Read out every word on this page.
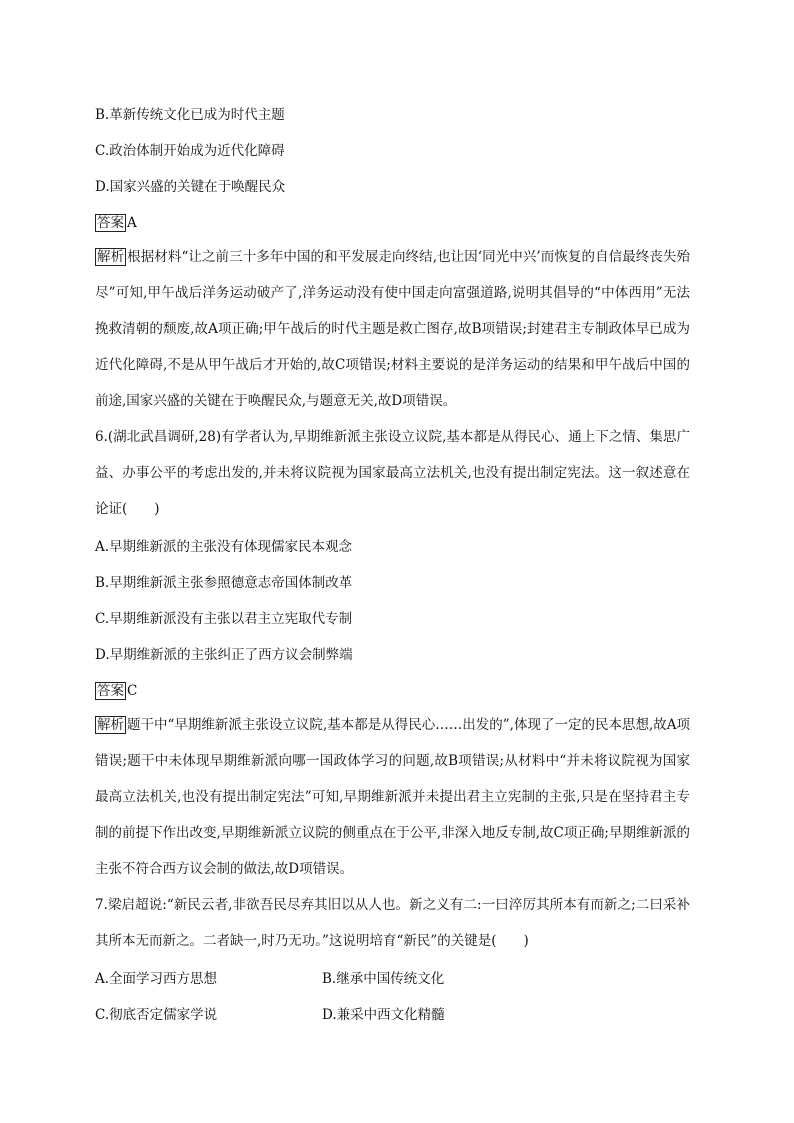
B.革新传统文化已成为时代主题
C.政治体制开始成为近代化障碍
D.国家兴盛的关键在于唤醒民众
答案 A
解析 根据材料“让之前三十多年中国的和平发展走向终结,也让因‘同光中兴’而恢复的自信最终丧失殆尽”可知,甲午战后洋务运动破产了,洋务运动没有使中国走向富强道路,说明其倡导的“中体西用”无法挽救清朝的颓废,故A项正确;甲午战后的时代主题是救亡图存,故B项错误;封建君主专制政体早已成为近代化障碍,不是从甲午战后才开始的,故C项错误;材料主要说的是洋务运动的结果和甲午战后中国的前途,国家兴盛的关键在于唤醒民众,与题意无关,故D项错误。
6.(湖北武昌调研,28)有学者认为,早期维新派主张设立议院,基本都是从得民心、通上下之情、集思广益、办事公平的考虑出发的,并未将议院视为国家最高立法机关,也没有提出制定宪法。这一叙述意在论证(　　)
A.早期维新派的主张没有体现儒家民本观念
B.早期维新派主张参照德意志帝国体制改革
C.早期维新派没有主张以君主立宪取代专制
D.早期维新派的主张纠正了西方议会制弊端
答案 C
解析 题干中“早期维新派主张设立议院,基本都是从得民心……出发的”,体现了一定的民本思想,故A项错误;题干中未体现早期维新派向哪一国政体学习的问题,故B项错误;从材料中“并未将议院视为国家最高立法机关,也没有提出制定宪法”可知,早期维新派并未提出君主立宪制的主张,只是在坚持君主专制的前提下作出改变,早期维新派立议院的侧重点在于公平,非深入地反专制,故C项正确;早期维新派的主张不符合西方议会制的做法,故D项错误。
7.梁启超说:“新民云者,非欲吾民尽弃其旧以从人也。新之义有二:一曰淬厉其所本有而新之;二曰采补其所本无而新之。二者缺一,时乃无功。”这说明培育“新民”的关键是(　　)
A.全面学习西方思想	B.继承中国传统文化
C.彻底否定儒家学说	D.兼采中西文化精髓
